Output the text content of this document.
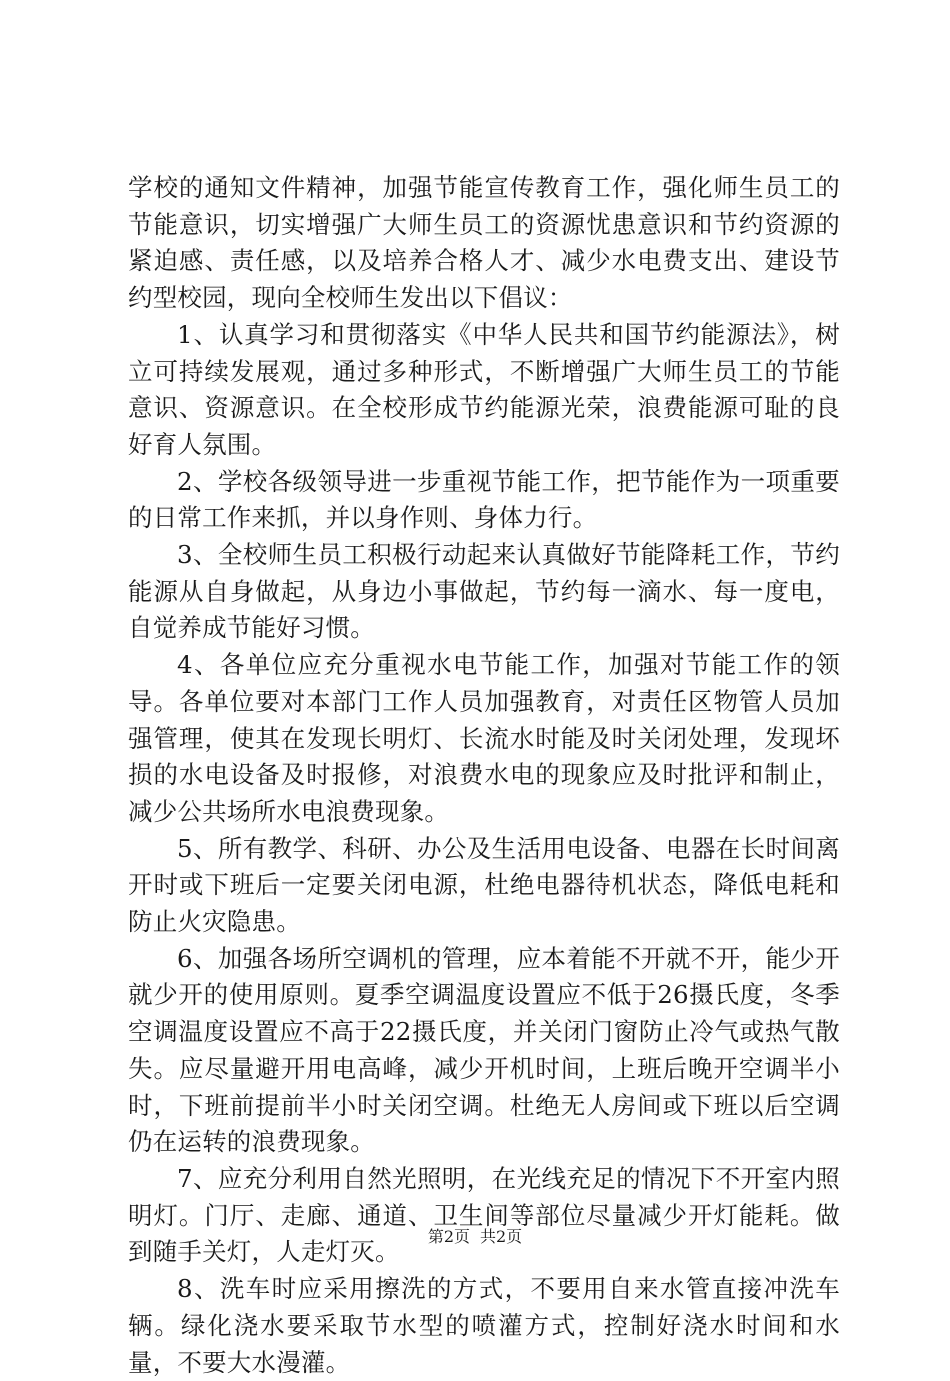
学校的通知文件精神，加强节能宣传教育工作，强化师生员工的节能意识，切实增强广大师生员工的资源忧患意识和节约资源的紧迫感、责任感，以及培养合格人才、减少水电费支出、建设节约型校园，现向全校师生发出以下倡议：

1、认真学习和贯彻落实《中华人民共和国节约能源法》，树立可持续发展观，通过多种形式，不断增强广大师生员工的节能意识、资源意识。在全校形成节约能源光荣，浪费能源可耻的良好育人氛围。

2、学校各级领导进一步重视节能工作，把节能作为一项重要的日常工作来抓，并以身作则、身体力行。

3、全校师生员工积极行动起来认真做好节能降耗工作，节约能源从自身做起，从身边小事做起，节约每一滴水、每一度电，自觉养成节能好习惯。

4、各单位应充分重视水电节能工作，加强对节能工作的领导。各单位要对本部门工作人员加强教育，对责任区物管人员加强管理，使其在发现长明灯、长流水时能及时关闭处理，发现坏损的水电设备及时报修，对浪费水电的现象应及时批评和制止，减少公共场所水电浪费现象。

5、所有教学、科研、办公及生活用电设备、电器在长时间离开时或下班后一定要关闭电源，杜绝电器待机状态，降低电耗和防止火灾隐患。

6、加强各场所空调机的管理，应本着能不开就不开，能少开就少开的使用原则。夏季空调温度设置应不低于26摄氏度，冬季空调温度设置应不高于22摄氏度，并关闭门窗防止冷气或热气散失。应尽量避开用电高峰，减少开机时间，上班后晚开空调半小时，下班前提前半小时关闭空调。杜绝无人房间或下班以后空调仍在运转的浪费现象。

7、应充分利用自然光照明，在光线充足的情况下不开室内照明灯。门厅、走廊、通道、卫生间等部位尽量减少开灯能耗。做到随手关灯，人走灯灭。

8、洗车时应采用擦洗的方式，不要用自来水管直接冲洗车辆。绿化浇水要采取节水型的喷灌方式，控制好浇水时间和水量，不要大水漫灌。

第2页 共2页
